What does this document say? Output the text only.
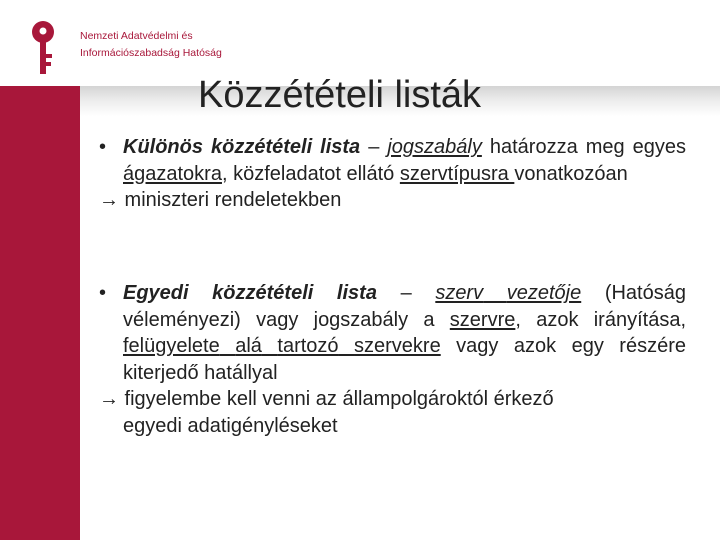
Nemzeti Adatvédelmi és
Információszabadság Hatóság
Közzétételi listák
• Különös közzétételi lista – jogszabály határozza meg egyes ágazatokra, közfeladatot ellátó szervtípusra vonatkozóan

→ miniszteri rendeletekben

• Egyedi közzétételi lista – szerv vezetője (Hatóság véleményezi) vagy jogszabály a szervre, azok irányítása, felügyelete alá tartozó szervekre vagy azok egy részére kiterjedő hatállyal

→ figyelembe kell venni az állampolgároktól érkező

egyedi adatigényléseket
